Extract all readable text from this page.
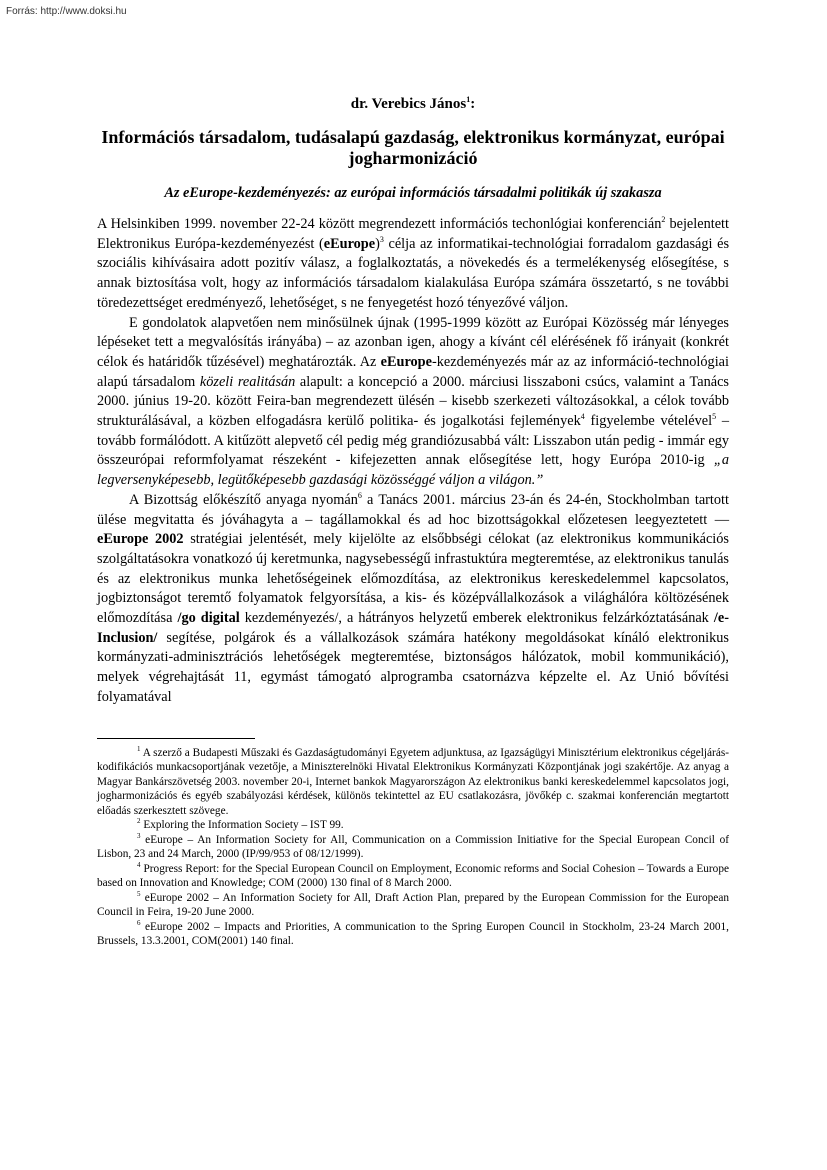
Forrás: http://www.doksi.hu
dr. Verebics János$^1$:
Információs társadalom, tudásalapú gazdaság, elektronikus kormányzat, európai jogharmonizáció
Az eEurope-kezdeményezés: az európai információs társadalmi politikák új szakasza

A Helsinkiben 1999. november 22-24 között megrendezett információs techonlógiai konferencián$^2$ bejelentett Elektronikus Európa-kezdeményezést (eEurope)$^3$ célja az informatikai-technológiai forradalom gazdasági és szociális kihívásaira adott pozitív válasz, a foglalkoztatás, a növekedés és a termelékenység elősegítése, s annak biztosítása volt, hogy az információs társadalom kialakulása Európa számára összetartó, s ne további töredezettséget eredményező, lehetőséget, s ne fenyegetést hozó tényezővé váljon.

E gondolatok alapvetően nem minősülnek újnak (1995-1999 között az Európai Közösség már lényeges lépéseket tett a megvalósítás irányába) – az azonban igen, ahogy a kívánt cél elérésének fő irányait (konkrét célok és határidők tűzésével) meghatározták. Az eEurope-kezdeményezés már az az információ-technológiai alapú társadalom közeli realitásán alapult: a koncepció a 2000. márciusi lisszaboni csúcs, valamint a Tanács 2000. június 19-20. között Feira-ban megrendezett ülésén – kisebb szerkezeti változásokkal, a célok tovább strukturálásával, a közben elfogadásra kerülő politika- és jogalkotási fejlemények$^4$ figyelembe vételével$^5$ – tovább formálódott. A kitűzött alepvető cél pedig még grandiózusabbá vált: Lisszabon után pedig - immár egy összeurópai reformfolyamat részeként - kifejezetten annak elősegítése lett, hogy Európa 2010-ig „a legversenyképesebb, legütőképesebb gazdasági közösséggé váljon a világon.”

A Bizottság előkészítő anyaga nyomán$^6$ a Tanács 2001. március 23-án és 24-én, Stockholmban tartott ülése megvitatta és jóváhagyta a – tagállamokkal és ad hoc bizottságokkal előzetesen leegyeztetett — eEurope 2002 stratégiai jelentését, mely kijelölte az elsőbbségi célokat (az elektronikus kommunikációs szolgáltatásokra vonatkozó új keretmunka, nagysebességű infrastuktúra megteremtése, az elektronikus tanulás és az elektronikus munka lehetőségeinek előmozdítása, az elektronikus kereskedelemmel kapcsolatos, jogbiztonságot teremtő folyamatok felgyorsítása, a kis- és középvállalkozások a világhálóra költözésének előmozdítása /go digital kezdeményezés/, a hátrányos helyzetű emberek elektronikus felzárkóztatásának /e-Inclusion/ segítése, polgárok és a vállalkozások számára hatékony megoldásokat kínáló elektronikus kormányzati-adminisztrációs lehetőségek megteremtése, biztonságos hálózatok, mobil kommunikáció), melyek végrehajtását 11, egymást támogató alprogramba csatornázva képzelte el. Az Unió bővítési folyamatával

$^1$ A szerző a Budapesti Műszaki és Gazdaságtudományi Egyetem adjunktusa, az Igazságügyi Minisztérium elektronikus cégeljárás-kodifikációs munkacsoportjának vezetője, a Miniszterelnöki Hivatal Elektronikus Kormányzati Központjának jogi szakértője. Az anyag a Magyar Bankárszövetség 2003. november 20-i, Internet bankok Magyarországon Az elektronikus banki kereskedelemmel kapcsolatos jogi, jogharmonizációs és egyéb szabályozási kérdések, különös tekintettel az EU csatlakozásra, jövőkép c. szakmai konferencián megtartott előadás szerkesztett szövege.

$^2$ Exploring the Information Society – IST 99.

$^3$ eEurope – An Information Society for All, Communication on a Commission Initiative for the Special European Concil of Lisbon, 23 and 24 March, 2000 (IP/99/953 of 08/12/1999).

$^4$ Progress Report: for the Special European Council on Employment, Economic reforms and Social Cohesion – Towards a Europe based on Innovation and Knowledge; COM (2000) 130 final of 8 March 2000.

$^5$ eEurope 2002 – An Information Society for All, Draft Action Plan, prepared by the European Commission for the European Council in Feira, 19-20 June 2000.

$^6$ eEurope 2002 – Impacts and Priorities, A communication to the Spring Europen Council in Stockholm, 23-24 March 2001, Brussels, 13.3.2001, COM(2001) 140 final.
